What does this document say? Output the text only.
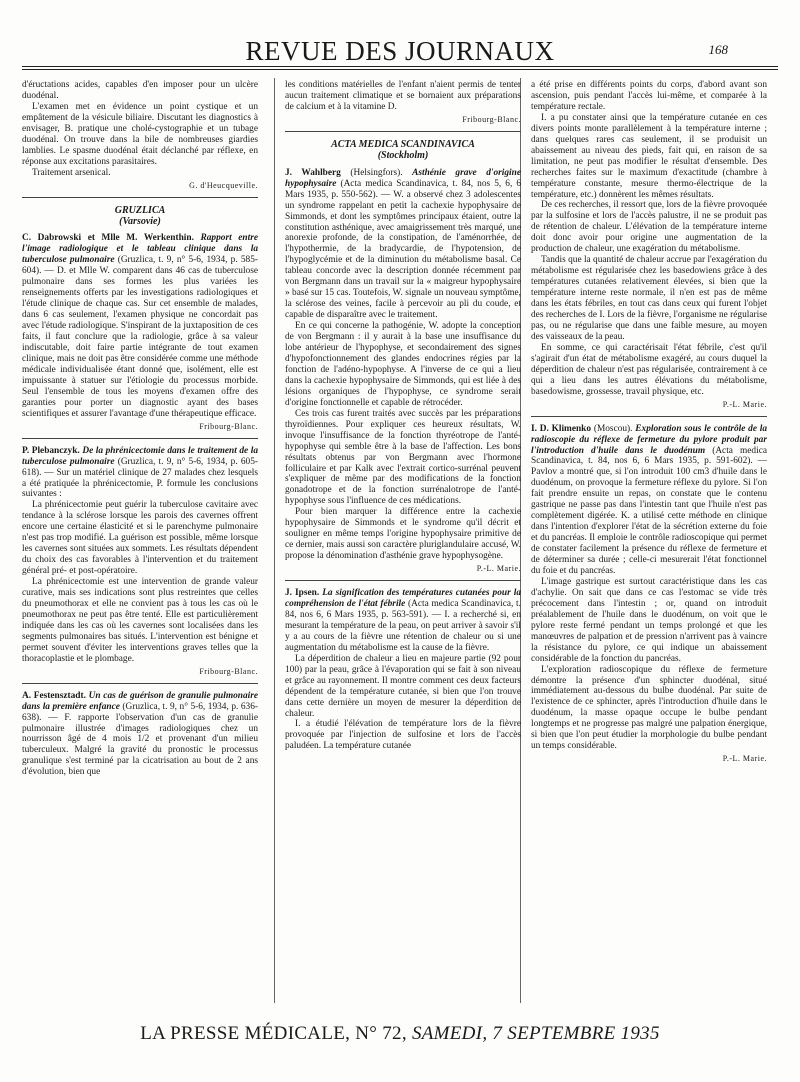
REVUE DES JOURNAUX	168

d'éructations acides, capables d'en imposer pour un ulcère duodénal.

L'examen met en évidence un point cystique et un empâtement de la vésicule biliaire. Discutant les diagnostics à envisager, B. pratique une cholé-cystographie et un tubage duodénal. On trouve dans la bile de nombreuses giardies lamblies. Le spasme duodénal était déclanché par réflexe, en réponse aux excitations parasitaires.

Traitement arsenical.

G. d'Heucqueville.
GRUZLICA
(Varsovie)

C. Dabrowski et Mlle M. Werkenthin. Rapport entre l'image radiologique et le tableau clinique dans la tuberculose pulmonaire (Gruzlica, t. 9, n° 5-6, 1934, p. 585-604). — D. et Mlle W. comparent dans 46 cas de tuberculose pulmonaire dans ses formes les plus variées les renseignements offerts par les investigations radiologiques et l'étude clinique de chaque cas. Sur cet ensemble de malades, dans 6 cas seulement, l'examen physique ne concordait pas avec l'étude radiologique. S'inspirant de la juxtaposition de ces faits, il faut conclure que la radiologie, grâce à sa valeur indiscutable, doit faire partie intégrante de tout examen clinique, mais ne doit pas être considérée comme une méthode médicale individualisée étant donné que, isolément, elle est impuissante à statuer sur l'étiologie du processus morbide. Seul l'ensemble de tous les moyens d'examen offre des garanties pour porter un diagnostic ayant des bases scientifiques et assurer l'avantage d'une thérapeutique efficace.

Fribourg-Blanc.

P. Plebanczyk. De la phrénicectomie dans le traitement de la tuberculose pulmonaire (Gruzlica, t. 9, n° 5-6, 1934, p. 605-618). — Sur un matériel clinique de 27 malades chez lesquels a été pratiquée la phrénicectomie, P. formule les conclusions suivantes :

La phrénicectomie peut guérir la tuberculose cavitaire avec tendance à la sclérose lorsque les parois des cavernes offrent encore une certaine élasticité et si le parenchyme pulmonaire n'est pas trop modifié. La guérison est possible, même lorsque les cavernes sont situées aux sommets. Les résultats dépendent du choix des cas favorables à l'intervention et du traitement général pré- et post-opératoire.

La phrénicectomie est une intervention de grande valeur curative, mais ses indications sont plus restreintes que celles du pneumothorax et elle ne convient pas à tous les cas où le pneumothorax ne peut pas être tenté. Elle est particulièrement indiquée dans les cas où les cavernes sont localisées dans les segments pulmonaires bas situés. L'intervention est bénigne et permet souvent d'éviter les interventions graves telles que la thoracoplastie et le plombage.

Fribourg-Blanc.

A. Festensztadt. Un cas de guérison de granulie pulmonaire dans la première enfance (Gruzlica, t. 9, n° 5-6, 1934, p. 636-638). — F. rapporte l'observation d'un cas de granulie pulmonaire illustrée d'images radiologiques chez un nourrisson âgé de 4 mois 1/2 et provenant d'un milieu tuberculeux. Malgré la gravité du pronostic le processus granulique s'est terminé par la cicatrisation au bout de 2 ans d'évolution, bien que

les conditions matérielles de l'enfant n'aient permis de tenter aucun traitement climatique et se bornaient aux préparations de calcium et à la vitamine D.

Fribourg-Blanc.
ACTA MEDICA SCANDINAVICA
(Stockholm)

J. Wahlberg (Helsingfors). Asthénie grave d'origine hypophysaire (Acta medica Scandinavica, t. 84, nos 5, 6, 6 Mars 1935, p. 550-562). — W. a observé chez 3 adolescentes un syndrome rappelant en petit la cachexie hypophysaire de Simmonds, et dont les symptômes principaux étaient, outre la constitution asthénique, avec amaigrissement très marqué, une anorexie profonde, de la constipation, de l'aménorrhée, de l'hypothermie, de la bradycardie, de l'hypotension, de l'hypoglycémie et de la diminution du métabolisme basal. Ce tableau concorde avec la description donnée récemment par von Bergmann dans un travail sur la « maigreur hypophysaire » basé sur 15 cas. Toutefois, W. signale un nouveau symptôme, la sclérose des veines, facile à percevoir au pli du coude, et capable de disparaître avec le traitement.

En ce qui concerne la pathogénie, W. adopte la conception de von Bergmann : il y aurait à la base une insuffisance du lobe antérieur de l'hypophyse, et secondairement des signes d'hypofonctionnement des glandes endocrines régies par la fonction de l'adéno-hypophyse. A l'inverse de ce qui a lieu dans la cachexie hypophysaire de Simmonds, qui est liée à des lésions organiques de l'hypophyse, ce syndrome serait d'origine fonctionnelle et capable de rétrocéder.

Ces trois cas furent traités avec succès par les préparations thyroïdiennes. Pour expliquer ces heureux résultats, W. invoque l'insuffisance de la fonction thyréotrope de l'anté-hypophyse qui semble être à la base de l'affection. Les bons résultats obtenus par von Bergmann avec l'hormone folliculaire et par Kalk avec l'extrait cortico-surrénal peuvent s'expliquer de même par des modifications de la fonction gonadotrope et de la fonction surrénalotrope de l'anté-hypophyse sous l'influence de ces médications.

Pour bien marquer la différence entre la cachexie hypophysaire de Simmonds et le syndrome qu'il décrit et souligner en même temps l'origine hypophysaire primitive de ce dernier, mais aussi son caractère pluriglandulaire accusé, W. propose la dénomination d'asthénie grave hypophysogène.

P.-L. Marie.

J. Ipsen. La signification des températures cutanées pour la compréhension de l'état fébrile (Acta medica Scandinavica, t. 84, nos 6, 6 Mars 1935, p. 563-591). — I. a recherché si, en mesurant la température de la peau, on peut arriver à savoir s'il y a au cours de la fièvre une rétention de chaleur ou si une augmentation du métabolisme est la cause de la fièvre.

La déperdition de chaleur a lieu en majeure partie (92 pour 100) par la peau, grâce à l'évaporation qui se fait à son niveau et grâce au rayonnement. Il montre comment ces deux facteurs dépendent de la température cutanée, si bien que l'on trouve dans cette dernière un moyen de mesurer la déperdition de chaleur.

I. a étudié l'élévation de température lors de la fièvre provoquée par l'injection de sulfosine et lors de l'accès paludéen. La température cutanée

a été prise en différents points du corps, d'abord avant son ascension, puis pendant l'accès lui-même, et comparée à la température rectale.

I. a pu constater ainsi que la température cutanée en ces divers points monte parallèlement à la température interne ; dans quelques rares cas seulement, il se produisit un abaissement au niveau des pieds, fait qui, en raison de sa limitation, ne peut pas modifier le résultat d'ensemble. Des recherches faites sur le maximum d'exactitude (chambre à température constante, mesure thermo-électrique de la température, etc.) donnèrent les mêmes résultats.

De ces recherches, il ressort que, lors de la fièvre provoquée par la sulfosine et lors de l'accès palustre, il ne se produit pas de rétention de chaleur. L'élévation de la température interne doit donc avoir pour origine une augmentation de la production de chaleur, une exagération du métabolisme.

Tandis que la quantité de chaleur accrue par l'exagération du métabolisme est régularisée chez les basedowiens grâce à des températures cutanées relativement élevées, si bien que la température interne reste normale, il n'en est pas de même dans les états fébriles, en tout cas dans ceux qui furent l'objet des recherches de I. Lors de la fièvre, l'organisme ne régularise pas, ou ne régularise que dans une faible mesure, au moyen des vaisseaux de la peau.

En somme, ce qui caractérisait l'état fébrile, c'est qu'il s'agirait d'un état de métabolisme exagéré, au cours duquel la déperdition de chaleur n'est pas régularisée, contrairement à ce qui a lieu dans les autres élévations du métabolisme, basedowisme, grossesse, travail physique, etc.

P.-L. Marie.

I. D. Klimenko (Moscou). Exploration sous le contrôle de la radioscopie du réflexe de fermeture du pylore produit par l'introduction d'huile dans le duodénum (Acta medica Scandinavica, t. 84, nos 6, 6 Mars 1935, p. 591-602). — Pavlov a montré que, si l'on introduit 100 cm3 d'huile dans le duodénum, on provoque la fermeture réflexe du pylore. Si l'on fait prendre ensuite un repas, on constate que le contenu gastrique ne passe pas dans l'intestin tant que l'huile n'est pas complètement digérée. K. a utilisé cette méthode en clinique dans l'intention d'explorer l'état de la sécrétion externe du foie et du pancréas. Il emploie le contrôle radioscopique qui permet de constater facilement la présence du réflexe de fermeture et de déterminer sa durée ; celle-ci mesurerait l'état fonctionnel du foie et du pancréas.

L'image gastrique est surtout caractéristique dans les cas d'achylie. On sait que dans ce cas l'estomac se vide très précocement dans l'intestin ; or, quand on introduit préalablement de l'huile dans le duodénum, on voit que le pylore reste fermé pendant un temps prolongé et que les manœuvres de palpation et de pression n'arrivent pas à vaincre la résistance du pylore, ce qui indique un abaissement considérable de la fonction du pancréas.

L'exploration radioscopique du réflexe de fermeture démontre la présence d'un sphincter duodénal, situé immédiatement au-dessous du bulbe duodénal. Par suite de l'existence de ce sphincter, après l'introduction d'huile dans le duodénum, la masse opaque occupe le bulbe pendant longtemps et ne progresse pas malgré une palpation énergique, si bien que l'on peut étudier la morphologie du bulbe pendant un temps considérable.

P.-L. Marie.
LA PRESSE MÉDICALE, N° 72, SAMEDI, 7 SEPTEMBRE 1935
